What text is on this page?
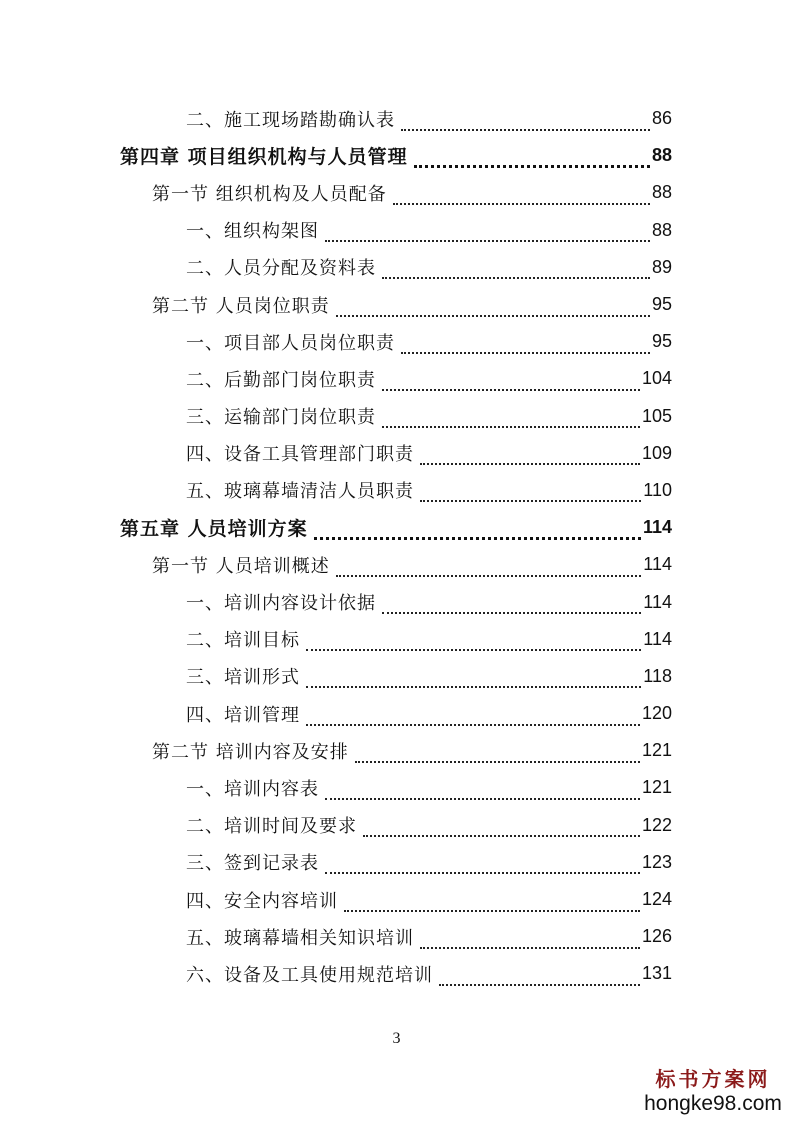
二、施工现场踏勘确认表	86
第四章 项目组织机构与人员管理	88
第一节 组织机构及人员配备	88
一、组织构架图	88
二、人员分配及资料表	89
第二节 人员岗位职责	95
一、项目部人员岗位职责	95
二、后勤部门岗位职责	104
三、运输部门岗位职责	105
四、设备工具管理部门职责	109
五、玻璃幕墙清洁人员职责	110
第五章 人员培训方案	114
第一节 人员培训概述	114
一、培训内容设计依据	114
二、培训目标	114
三、培训形式	118
四、培训管理	120
第二节 培训内容及安排	121
一、培训内容表	121
二、培训时间及要求	122
三、签到记录表	123
四、安全内容培训	124
五、玻璃幕墙相关知识培训	126
六、设备及工具使用规范培训	131
3
标书方案网
hongke98.com
